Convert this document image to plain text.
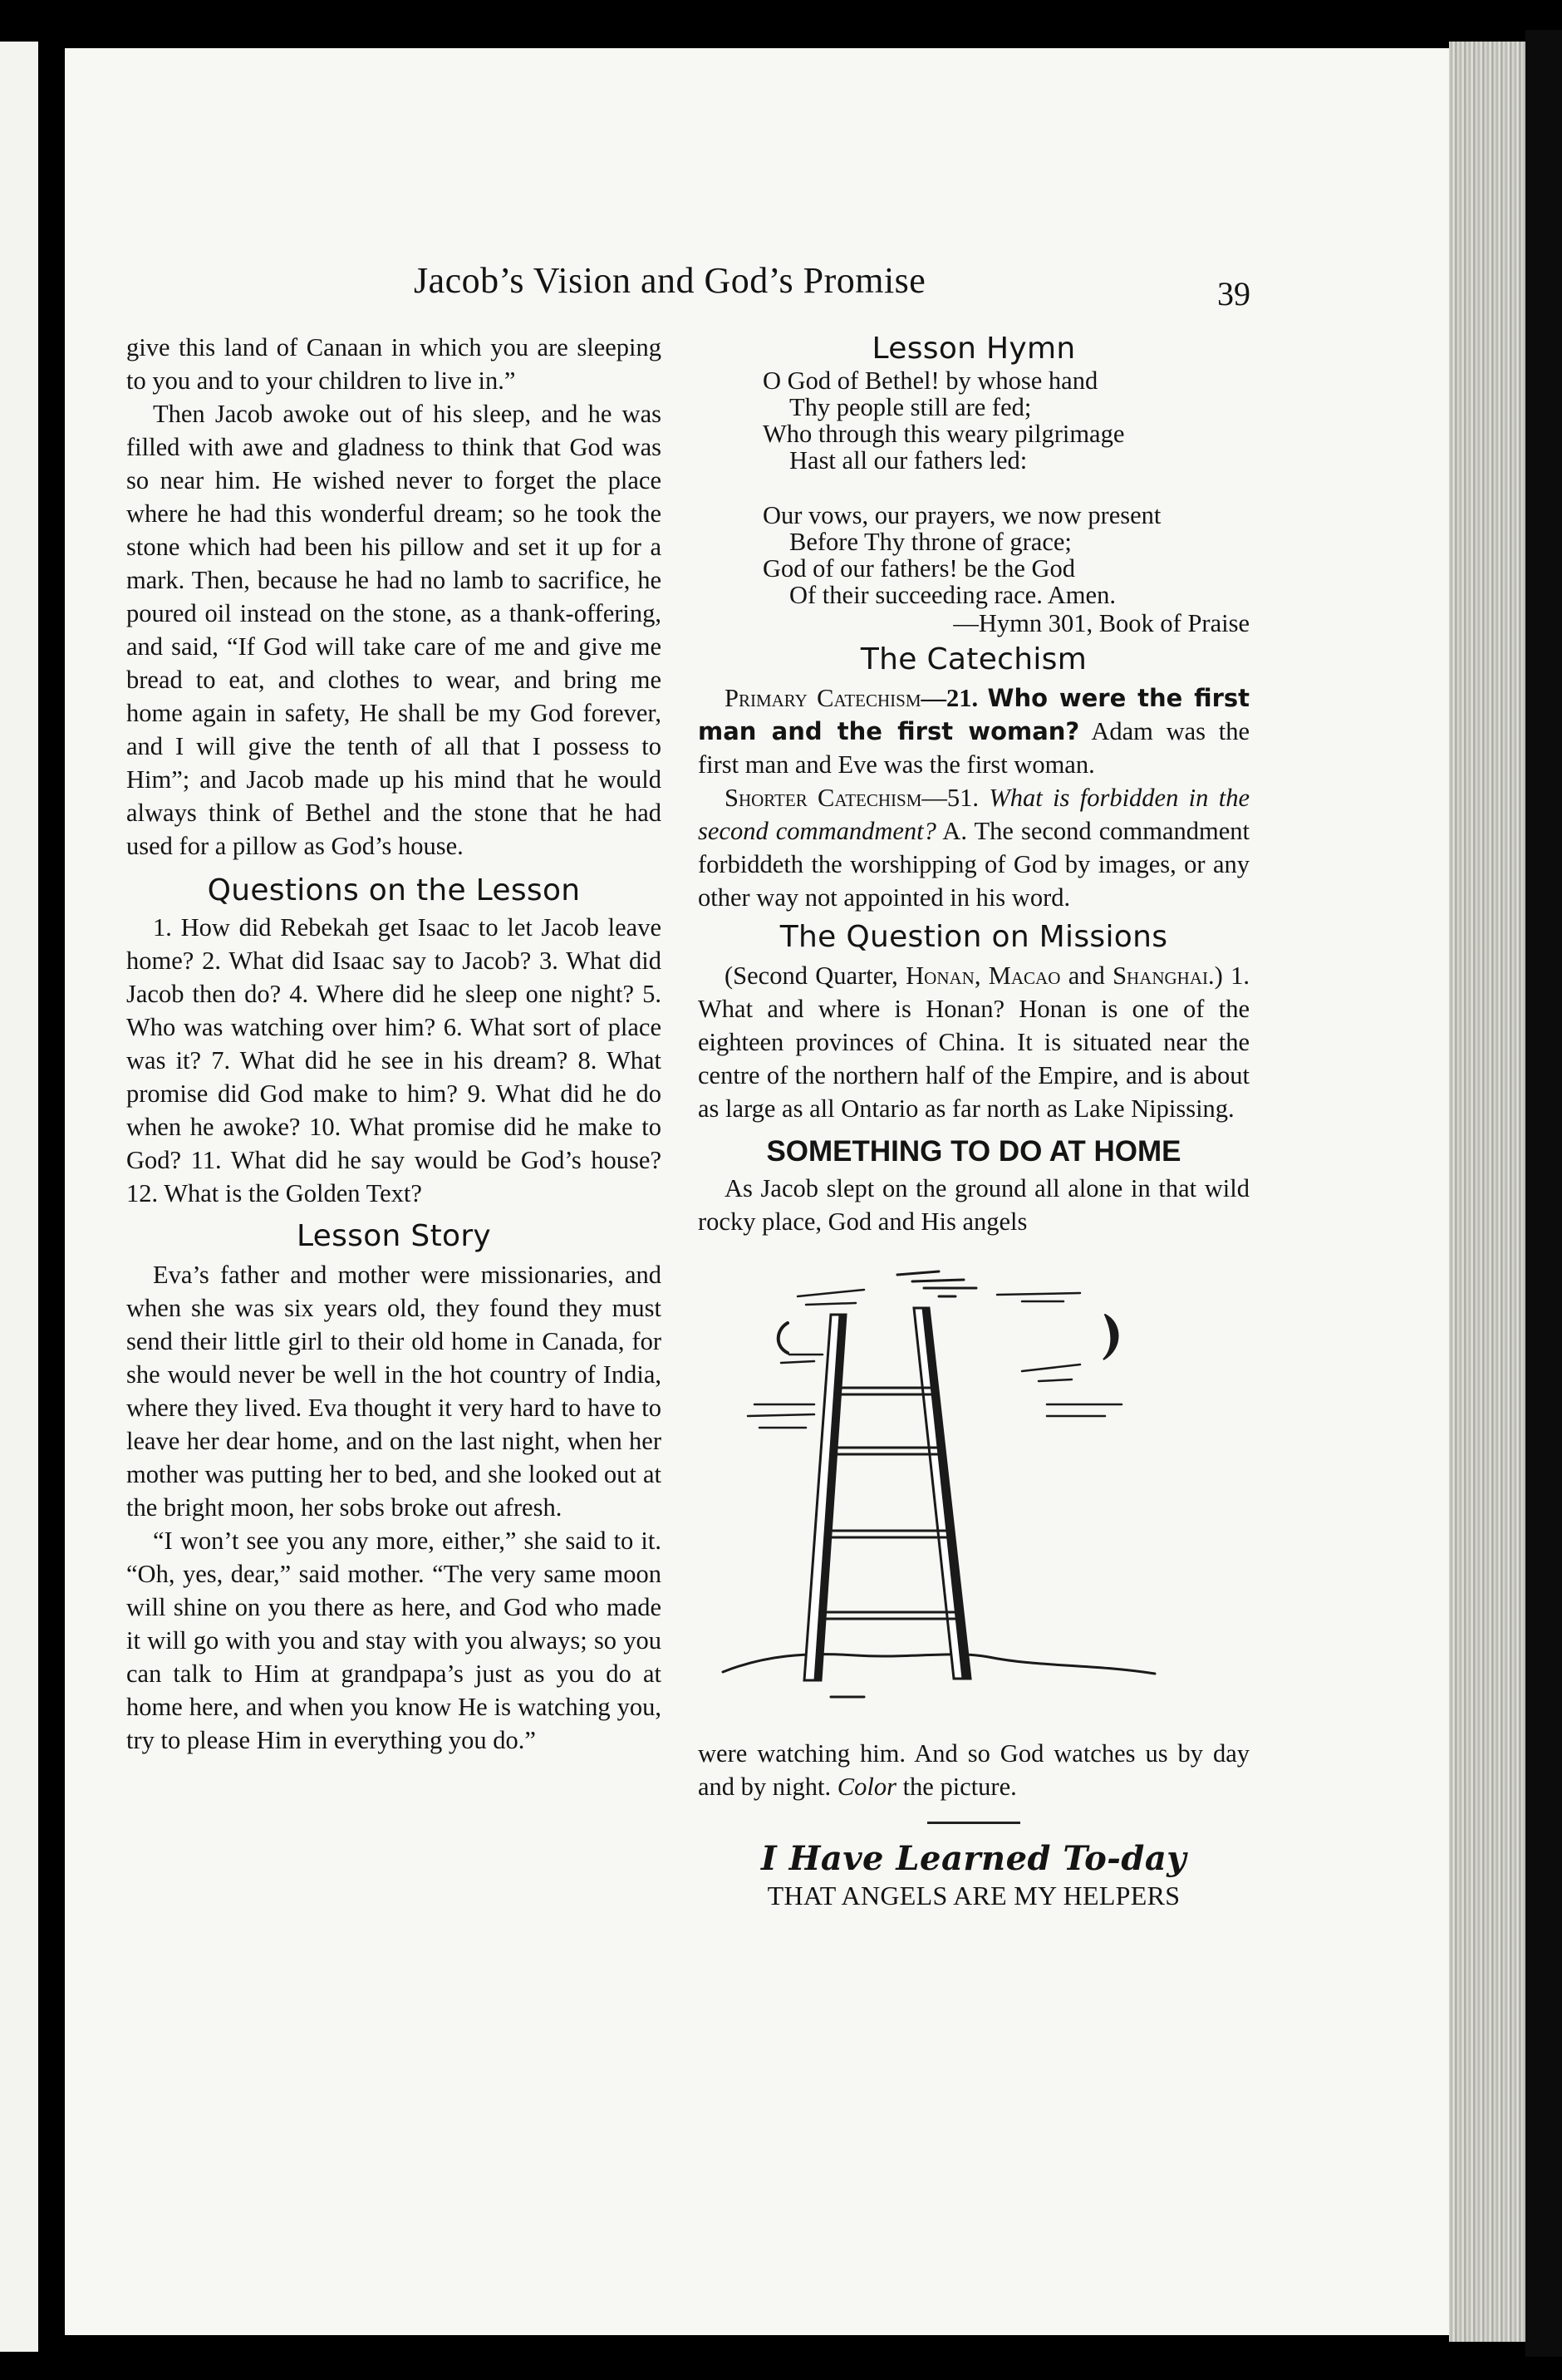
Jacob’s Vision and God’s Promise	39

give this land of Canaan in which you are sleeping to you and to your children to live in.”

Then Jacob awoke out of his sleep, and he was filled with awe and gladness to think that God was so near him. He wished never to forget the place where he had this wonderful dream; so he took the stone which had been his pillow and set it up for a mark. Then, because he had no lamb to sacrifice, he poured oil instead on the stone, as a thank-offering, and said, “If God will take care of me and give me bread to eat, and clothes to wear, and bring me home again in safety, He shall be my God forever, and I will give the tenth of all that I possess to Him”; and Jacob made up his mind that he would always think of Bethel and the stone that he had used for a pillow as God’s house.

Questions on the Lesson

1. How did Rebekah get Isaac to let Jacob leave home? 2. What did Isaac say to Jacob? 3. What did Jacob then do? 4. Where did he sleep one night? 5. Who was watching over him? 6. What sort of place was it? 7. What did he see in his dream? 8. What promise did God make to him? 9. What did he do when he awoke? 10. What promise did he make to God? 11. What did he say would be God’s house? 12. What is the Golden Text?

Lesson Story

Eva’s father and mother were missionaries, and when she was six years old, they found they must send their little girl to their old home in Canada, for she would never be well in the hot country of India, where they lived. Eva thought it very hard to have to leave her dear home, and on the last night, when her mother was putting her to bed, and she looked out at the bright moon, her sobs broke out afresh.

“I won’t see you any more, either,” she said to it. “Oh, yes, dear,” said mother. “The very same moon will shine on you there as here, and God who made it will go with you and stay with you always; so you can talk to Him at grandpapa’s just as you do at home here, and when you know He is watching you, try to please Him in everything you do.”

Lesson Hymn
O God of Bethel! by whose hand
Thy people still are fed;
Who through this weary pilgrimage
Hast all our fathers led:
Our vows, our prayers, we now present
Before Thy throne of grace;
God of our fathers! be the God
Of their succeeding race. Amen.
—Hymn 301, Book of Praise
The Catechism

Primary Catechism—21. Who were the first man and the first woman? Adam was the first man and Eve was the first woman.

Shorter Catechism—51. What is forbidden in the second commandment? A. The second commandment forbiddeth the worshipping of God by images, or any other way not appointed in his word.

The Question on Missions

(Second Quarter, Honan, Macao and Shanghai.) 1. What and where is Honan? Honan is one of the eighteen provinces of China. It is situated near the centre of the northern half of the Empire, and is about as large as all Ontario as far north as Lake Nipissing.

SOMETHING TO DO AT HOME

As Jacob slept on the ground all alone in that wild rocky place, God and His angels

were watching him. And so God watches us by day and by night. Color the picture.

I Have Learned To-day
THAT ANGELS ARE MY HELPERS
